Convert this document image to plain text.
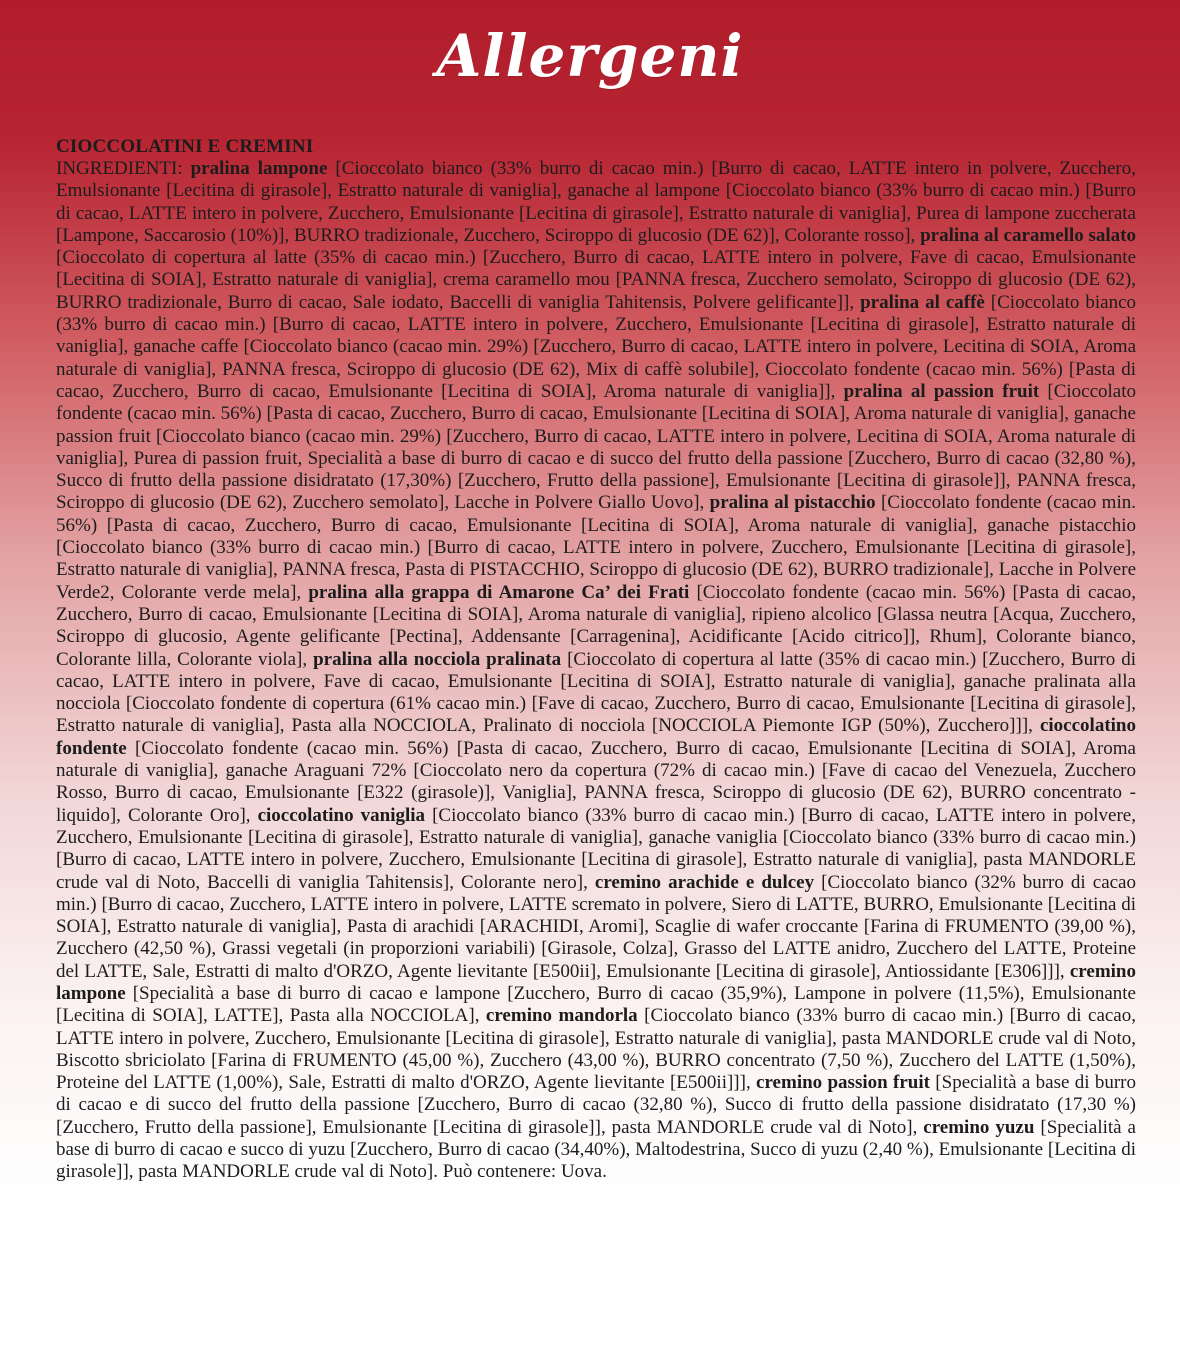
Allergeni
CIOCCOLATINI E CREMINI
INGREDIENTI: pralina lampone [Cioccolato bianco (33% burro di cacao min.) [Burro di cacao, LATTE intero in polvere, Zucchero, Emulsionante [Lecitina di girasole], Estratto naturale di vaniglia], ganache al lampone [Cioccolato bianco (33% burro di cacao min.) [Burro di cacao, LATTE intero in polvere, Zucchero, Emulsionante [Lecitina di girasole], Estratto naturale di vaniglia], Purea di lampone zuccherata [Lampone, Saccarosio (10%)], BURRO tradizionale, Zucchero, Sciroppo di glucosio (DE 62)], Colorante rosso], pralina al caramello salato [Cioccolato di copertura al latte (35% di cacao min.) [Zucchero, Burro di cacao, LATTE intero in polvere, Fave di cacao, Emulsionante [Lecitina di SOIA], Estratto naturale di vaniglia], crema caramello mou [PANNA fresca, Zucchero semolato, Sciroppo di glucosio (DE 62), BURRO tradizionale, Burro di cacao, Sale iodato, Baccelli di vaniglia Tahitensis, Polvere gelificante]], pralina al caffè [Cioccolato bianco (33% burro di cacao min.) [Burro di cacao, LATTE intero in polvere, Zucchero, Emulsionante [Lecitina di girasole], Estratto naturale di vaniglia], ganache caffe [Cioccolato bianco (cacao min. 29%) [Zucchero, Burro di cacao, LATTE intero in polvere, Lecitina di SOIA, Aroma naturale di vaniglia], PANNA fresca, Sciroppo di glucosio (DE 62), Mix di caffè solubile], Cioccolato fondente (cacao min. 56%) [Pasta di cacao, Zucchero, Burro di cacao, Emulsionante [Lecitina di SOIA], Aroma naturale di vaniglia]], pralina al passion fruit [Cioccolato fondente (cacao min. 56%) [Pasta di cacao, Zucchero, Burro di cacao, Emulsionante [Lecitina di SOIA], Aroma naturale di vaniglia], ganache passion fruit [Cioccolato bianco (cacao min. 29%) [Zucchero, Burro di cacao, LATTE intero in polvere, Lecitina di SOIA, Aroma naturale di vaniglia], Purea di passion fruit, Specialità a base di burro di cacao e di succo del frutto della passione [Zucchero, Burro di cacao (32,80 %), Succo di frutto della passione disidratato (17,30%) [Zucchero, Frutto della passione], Emulsionante [Lecitina di girasole]], PANNA fresca, Sciroppo di glucosio (DE 62), Zucchero semolato], Lacche in Polvere Giallo Uovo], pralina al pistacchio [Cioccolato fondente (cacao min. 56%) [Pasta di cacao, Zucchero, Burro di cacao, Emulsionante [Lecitina di SOIA], Aroma naturale di vaniglia], ganache pistacchio [Cioccolato bianco (33% burro di cacao min.) [Burro di cacao, LATTE intero in polvere, Zucchero, Emulsionante [Lecitina di girasole], Estratto naturale di vaniglia], PANNA fresca, Pasta di PISTACCHIO, Sciroppo di glucosio (DE 62), BURRO tradizionale], Lacche in Polvere Verde2, Colorante verde mela], pralina alla grappa di Amarone Ca’ dei Frati [Cioccolato fondente (cacao min. 56%) [Pasta di cacao, Zucchero, Burro di cacao, Emulsionante [Lecitina di SOIA], Aroma naturale di vaniglia], ripieno alcolico [Glassa neutra [Acqua, Zucchero, Sciroppo di glucosio, Agente gelificante [Pectina], Addensante [Carragenina], Acidificante [Acido citrico]], Rhum], Colorante bianco, Colorante lilla, Colorante viola], pralina alla nocciola pralinata [Cioccolato di copertura al latte (35% di cacao min.) [Zucchero, Burro di cacao, LATTE intero in polvere, Fave di cacao, Emulsionante [Lecitina di SOIA], Estratto naturale di vaniglia], ganache pralinata alla nocciola [Cioccolato fondente di copertura (61% cacao min.) [Fave di cacao, Zucchero, Burro di cacao, Emulsionante [Lecitina di girasole], Estratto naturale di vaniglia], Pasta alla NOCCIOLA, Pralinato di nocciola [NOCCIOLA Piemonte IGP (50%), Zucchero]]], cioccolatino fondente [Cioccolato fondente (cacao min. 56%) [Pasta di cacao, Zucchero, Burro di cacao, Emulsionante [Lecitina di SOIA], Aroma naturale di vaniglia], ganache Araguani 72% [Cioccolato nero da copertura (72% di cacao min.) [Fave di cacao del Venezuela, Zucchero Rosso, Burro di cacao, Emulsionante [E322 (girasole)], Vaniglia], PANNA fresca, Sciroppo di glucosio (DE 62), BURRO concentrato - liquido], Colorante Oro], cioccolatino vaniglia [Cioccolato bianco (33% burro di cacao min.) [Burro di cacao, LATTE intero in polvere, Zucchero, Emulsionante [Lecitina di girasole], Estratto naturale di vaniglia], ganache vaniglia [Cioccolato bianco (33% burro di cacao min.) [Burro di cacao, LATTE intero in polvere, Zucchero, Emulsionante [Lecitina di girasole], Estratto naturale di vaniglia], pasta MANDORLE crude val di Noto, Baccelli di vaniglia Tahitensis], Colorante nero], cremino arachide e dulcey [Cioccolato bianco (32% burro di cacao min.) [Burro di cacao, Zucchero, LATTE intero in polvere, LATTE scremato in polvere, Siero di LATTE, BURRO, Emulsionante [Lecitina di SOIA], Estratto naturale di vaniglia], Pasta di arachidi [ARACHIDI, Aromi], Scaglie di wafer croccante [Farina di FRUMENTO (39,00 %), Zucchero (42,50 %), Grassi vegetali (in proporzioni variabili) [Girasole, Colza], Grasso del LATTE anidro, Zucchero del LATTE, Proteine del LATTE, Sale, Estratti di malto d'ORZO, Agente lievitante [E500ii], Emulsionante [Lecitina di girasole], Antiossidante [E306]]], cremino lampone [Specialità a base di burro di cacao e lampone [Zucchero, Burro di cacao (35,9%), Lampone in polvere (11,5%), Emulsionante [Lecitina di SOIA], LATTE], Pasta alla NOCCIOLA], cremino mandorla [Cioccolato bianco (33% burro di cacao min.) [Burro di cacao, LATTE intero in polvere, Zucchero, Emulsionante [Lecitina di girasole], Estratto naturale di vaniglia], pasta MANDORLE crude val di Noto, Biscotto sbriciolato [Farina di FRUMENTO (45,00 %), Zucchero (43,00 %), BURRO concentrato (7,50 %), Zucchero del LATTE (1,50%), Proteine del LATTE (1,00%), Sale, Estratti di malto d'ORZO, Agente lievitante [E500ii]]], cremino passion fruit [Specialità a base di burro di cacao e di succo del frutto della passione [Zucchero, Burro di cacao (32,80 %), Succo di frutto della passione disidratato (17,30 %) [Zucchero, Frutto della passione], Emulsionante [Lecitina di girasole]], pasta MANDORLE crude val di Noto], cremino yuzu [Specialità a base di burro di cacao e succo di yuzu [Zucchero, Burro di cacao (34,40%), Maltodestrina, Succo di yuzu (2,40 %), Emulsionante [Lecitina di girasole]], pasta MANDORLE crude val di Noto]. Può contenere: Uova.
